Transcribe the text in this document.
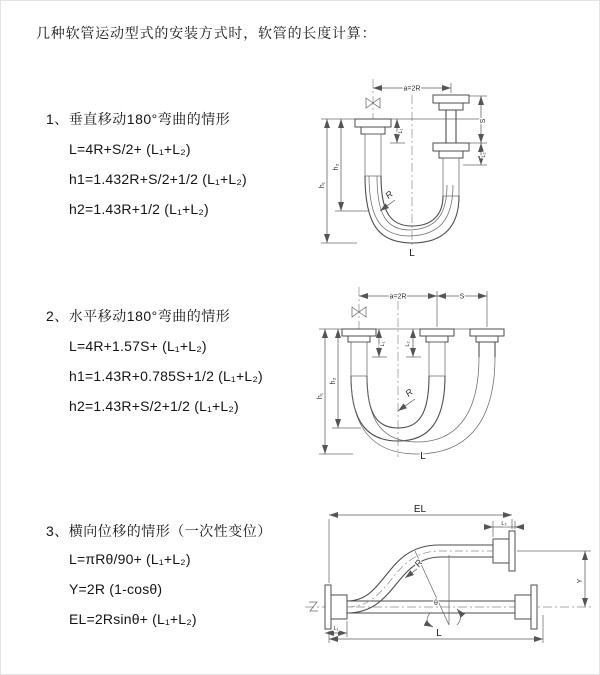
几种软管运动型式的安装方式时，软管的长度计算：
1、垂直移动180°弯曲的情形
L=4R+S/2+ (L₁+L₂)
h1=1.432R+S/2+1/2 (L₁+L₂)
h2=1.43R+1/2 (L₁+L₂)
2、水平移动180°弯曲的情形
L=4R+1.57S+ (L₁+L₂)
h1=1.43R+0.785S+1/2 (L₁+L₂)
h2=1.43R+S/2+1/2 (L₁+L₂)
3、横向位移的情形（一次性变位）
L=πRθ/90+ (L₁+L₂)
Y=2R (1-cosθ)
EL=2Rsinθ+ (L₁+L₂)
a=2R
h₁
h₂
L₁
S
L₂
R
L
a=2R	S
h₁
h₂
L₁	L₂
R
L
EL
L₂
Y
L
L₁
R
θ
